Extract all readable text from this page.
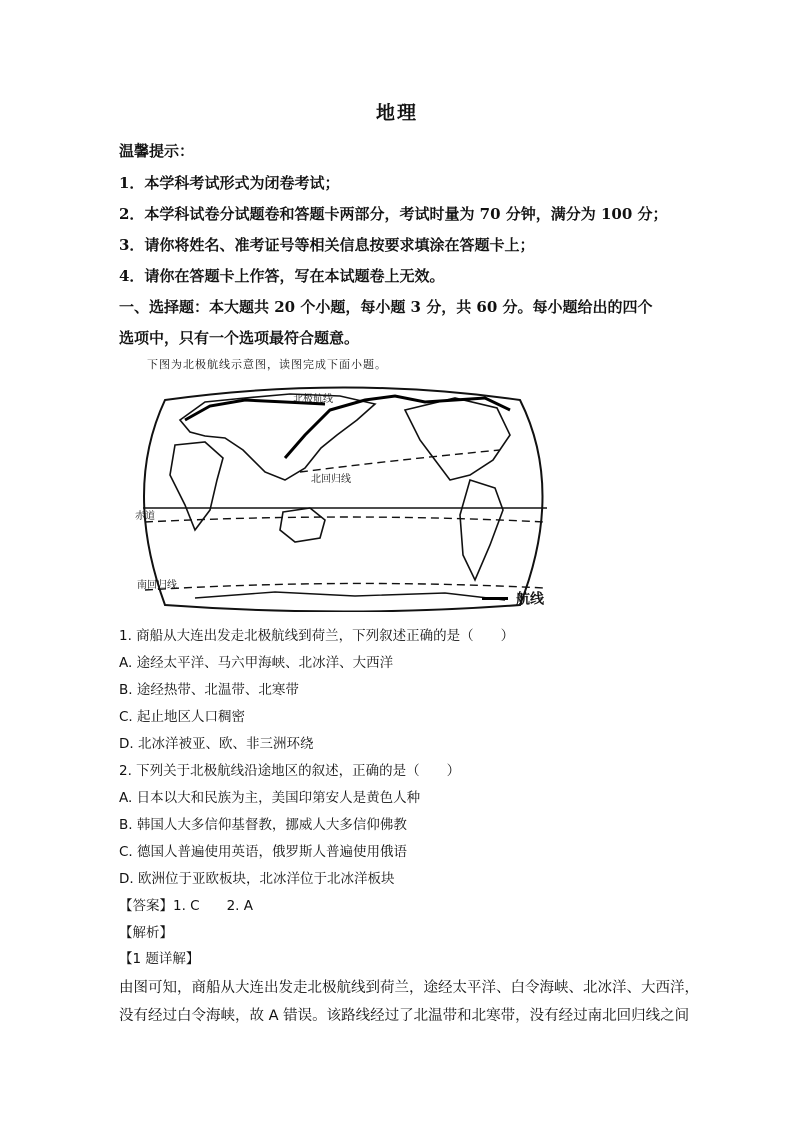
地理
温馨提示：
1．本学科考试形式为闭卷考试；
2．本学科试卷分试题卷和答题卡两部分，考试时量为 70 分钟，满分为 100 分；
3．请你将姓名、准考证号等相关信息按要求填涂在答题卡上；
4．请你在答题卡上作答，写在本试题卷上无效。
一、选择题：本大题共 20 个小题，每小题 3 分，共 60 分。每小题给出的四个
选项中，只有一个选项最符合题意。
下图为北极航线示意图，读图完成下面小题。
北极航线
北回归线
赤道
南回归线
航线
1. 商船从大连出发走北极航线到荷兰，下列叙述正确的是（　　）
A. 途经太平洋、马六甲海峡、北冰洋、大西洋
B. 途经热带、北温带、北寒带
C. 起止地区人口稠密
D. 北冰洋被亚、欧、非三洲环绕
2. 下列关于北极航线沿途地区的叙述，正确的是（　　）
A. 日本以大和民族为主，美国印第安人是黄色人种
B. 韩国人大多信仰基督教，挪威人大多信仰佛教
C. 德国人普遍使用英语，俄罗斯人普遍使用俄语
D. 欧洲位于亚欧板块，北冰洋位于北冰洋板块
【答案】1. C　　2. A
【解析】
【1 题详解】
由图可知，商船从大连出发走北极航线到荷兰，途经太平洋、白令海峡、北冰洋、大西洋，
没有经过白令海峡，故 A 错误。该路线经过了北温带和北寒带，没有经过南北回归线之间
